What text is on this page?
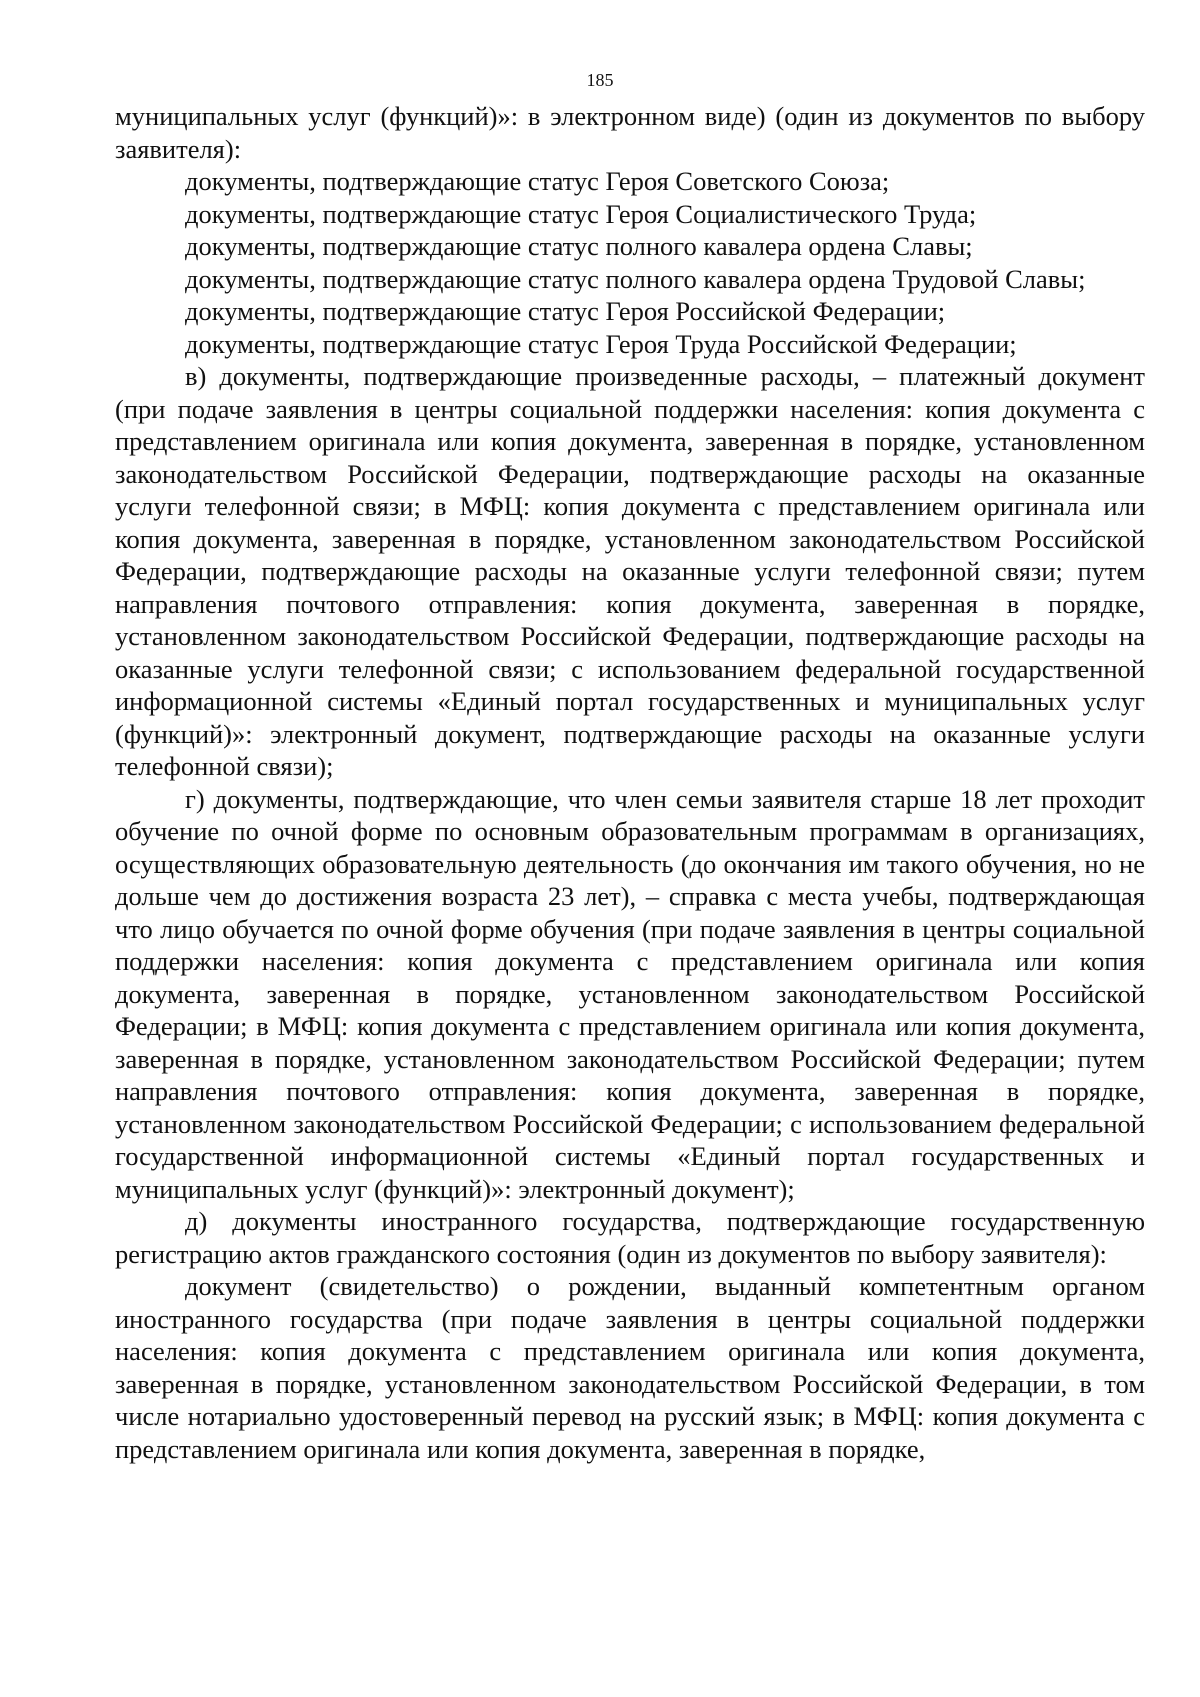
185

муниципальных услуг (функций)»: в электронном виде) (один из документов по выбору заявителя):

документы, подтверждающие статус Героя Советского Союза;

документы, подтверждающие статус Героя Социалистического Труда;

документы, подтверждающие статус полного кавалера ордена Славы;

документы, подтверждающие статус полного кавалера ордена Трудовой Славы;

документы, подтверждающие статус Героя Российской Федерации;

документы, подтверждающие статус Героя Труда Российской Федерации;

в) документы, подтверждающие произведенные расходы, – платежный документ (при подаче заявления в центры социальной поддержки населения: копия документа с представлением оригинала или копия документа, заверенная в порядке, установленном законодательством Российской Федерации, подтверждающие расходы на оказанные услуги телефонной связи; в МФЦ: копия документа с представлением оригинала или копия документа, заверенная в порядке, установленном законодательством Российской Федерации, подтверждающие расходы на оказанные услуги телефонной связи; путем направления почтового отправления: копия документа, заверенная в порядке, установленном законодательством Российской Федерации, подтверждающие расходы на оказанные услуги телефонной связи; с использованием федеральной государственной информационной системы «Единый портал государственных и муниципальных услуг (функций)»: электронный документ, подтверждающие расходы на оказанные услуги телефонной связи);

г) документы, подтверждающие, что член семьи заявителя старше 18 лет проходит обучение по очной форме по основным образовательным программам в организациях, осуществляющих образовательную деятельность (до окончания им такого обучения, но не дольше чем до достижения возраста 23 лет), – справка с места учебы, подтверждающая что лицо обучается по очной форме обучения (при подаче заявления в центры социальной поддержки населения: копия документа с представлением оригинала или копия документа, заверенная в порядке, установленном законодательством Российской Федерации; в МФЦ: копия документа с представлением оригинала или копия документа, заверенная в порядке, установленном законодательством Российской Федерации; путем направления почтового отправления: копия документа, заверенная в порядке, установленном законодательством Российской Федерации; с использованием федеральной государственной информационной системы «Единый портал государственных и муниципальных услуг (функций)»: электронный документ);

д) документы иностранного государства, подтверждающие государственную регистрацию актов гражданского состояния (один из документов по выбору заявителя):

документ (свидетельство) о рождении, выданный компетентным органом иностранного государства (при подаче заявления в центры социальной поддержки населения: копия документа с представлением оригинала или копия документа, заверенная в порядке, установленном законодательством Российской Федерации, в том числе нотариально удостоверенный перевод на русский язык; в МФЦ: копия документа с представлением оригинала или копия документа, заверенная в порядке,
